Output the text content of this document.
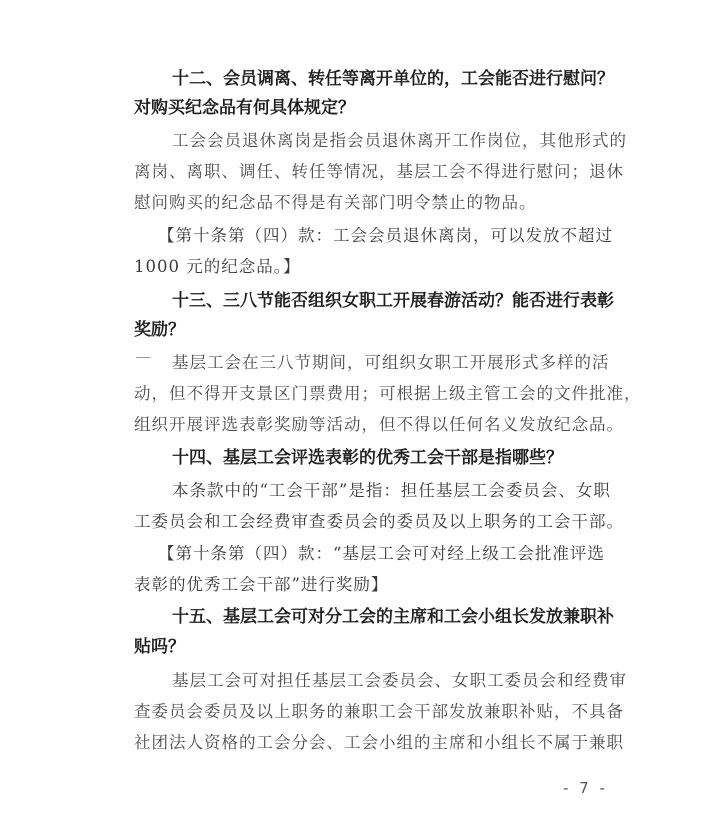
十二、会员调离、转任等离开单位的，工会能否进行慰问？

对购买纪念品有何具体规定？

工会会员退休离岗是指会员退休离开工作岗位，其他形式的

离岗、离职、调任、转任等情况，基层工会不得进行慰问；退休

慰问购买的纪念品不得是有关部门明令禁止的物品。

【第十条第（四）款：工会会员退休离岗，可以发放不超过

1000 元的纪念品。】

十三、三八节能否组织女职工开展春游活动？能否进行表彰

奖励？

基层工会在三八节期间，可组织女职工开展形式多样的活

动，但不得开支景区门票费用；可根据上级主管工会的文件批准，

组织开展评选表彰奖励等活动，但不得以任何名义发放纪念品。

十四、基层工会评选表彰的优秀工会干部是指哪些？

本条款中的“工会干部”是指：担任基层工会委员会、女职

工委员会和工会经费审查委员会的委员及以上职务的工会干部。

【第十条第（四）款：“基层工会可对经上级工会批准评选

表彰的优秀工会干部”进行奖励】

十五、基层工会可对分工会的主席和工会小组长发放兼职补

贴吗？

基层工会可对担任基层工会委员会、女职工委员会和经费审

查委员会委员及以上职务的兼职工会干部发放兼职补贴，不具备

社团法人资格的工会分会、工会小组的主席和小组长不属于兼职

- 7 -
